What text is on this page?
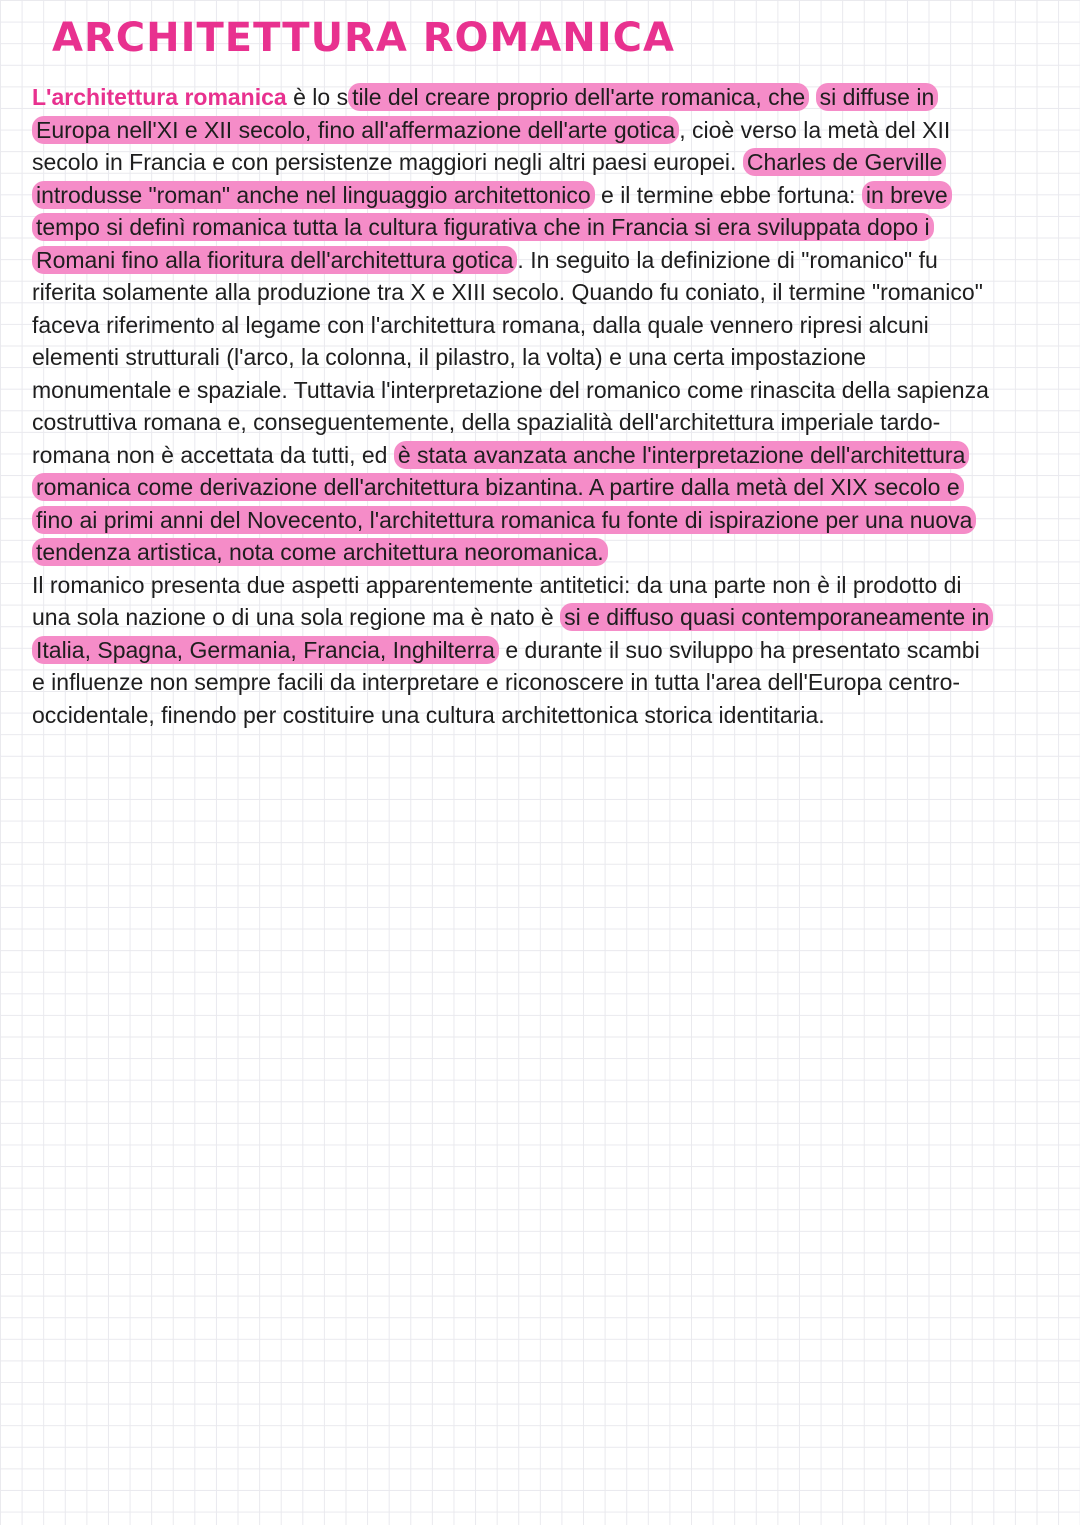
ARCHITETTURA ROMANICA

L'architettura romanica è lo s tile del creare proprio dell'arte romanica, che si diffuse in Europa nell'XI e XII secolo, fino all'affermazione dell'arte gotica , cioè verso la metà del XII secolo in Francia e con persistenze maggiori negli altri paesi europei. Charles de Gerville introdusse "roman" anche nel linguaggio architettonico e il termine ebbe fortuna: in breve tempo si definì romanica tutta la cultura figurativa che in Francia si era sviluppata dopo i Romani fino alla fioritura dell'architettura gotica . In seguito la definizione di "romanico" fu riferita solamente alla produzione tra X e XIII secolo. Quando fu coniato, il termine "romanico" faceva riferimento al legame con l'architettura romana, dalla quale vennero ripresi alcuni elementi strutturali (l'arco, la colonna, il pilastro, la volta) e una certa impostazione monumentale e spaziale. Tuttavia l'interpretazione del romanico come rinascita della sapienza costruttiva romana e, conseguentemente, della spazialità dell'architettura imperiale tardo-romana non è accettata da tutti, ed è stata avanzata anche l'interpretazione dell'architettura romanica come derivazione dell'architettura bizantina. A partire dalla metà del XIX secolo e fino ai primi anni del Novecento, l'architettura romanica fu fonte di ispirazione per una nuova tendenza artistica, nota come architettura neoromanica.

Il romanico presenta due aspetti apparentemente antitetici: da una parte non è il prodotto di una sola nazione o di una sola regione ma è nato è si e diffuso quasi contemporaneamente in Italia, Spagna, Germania, Francia, Inghilterra e durante il suo sviluppo ha presentato scambi e influenze non sempre facili da interpretare e riconoscere in tutta l'area dell'Europa centro-occidentale, finendo per costituire una cultura architettonica storica identitaria.
